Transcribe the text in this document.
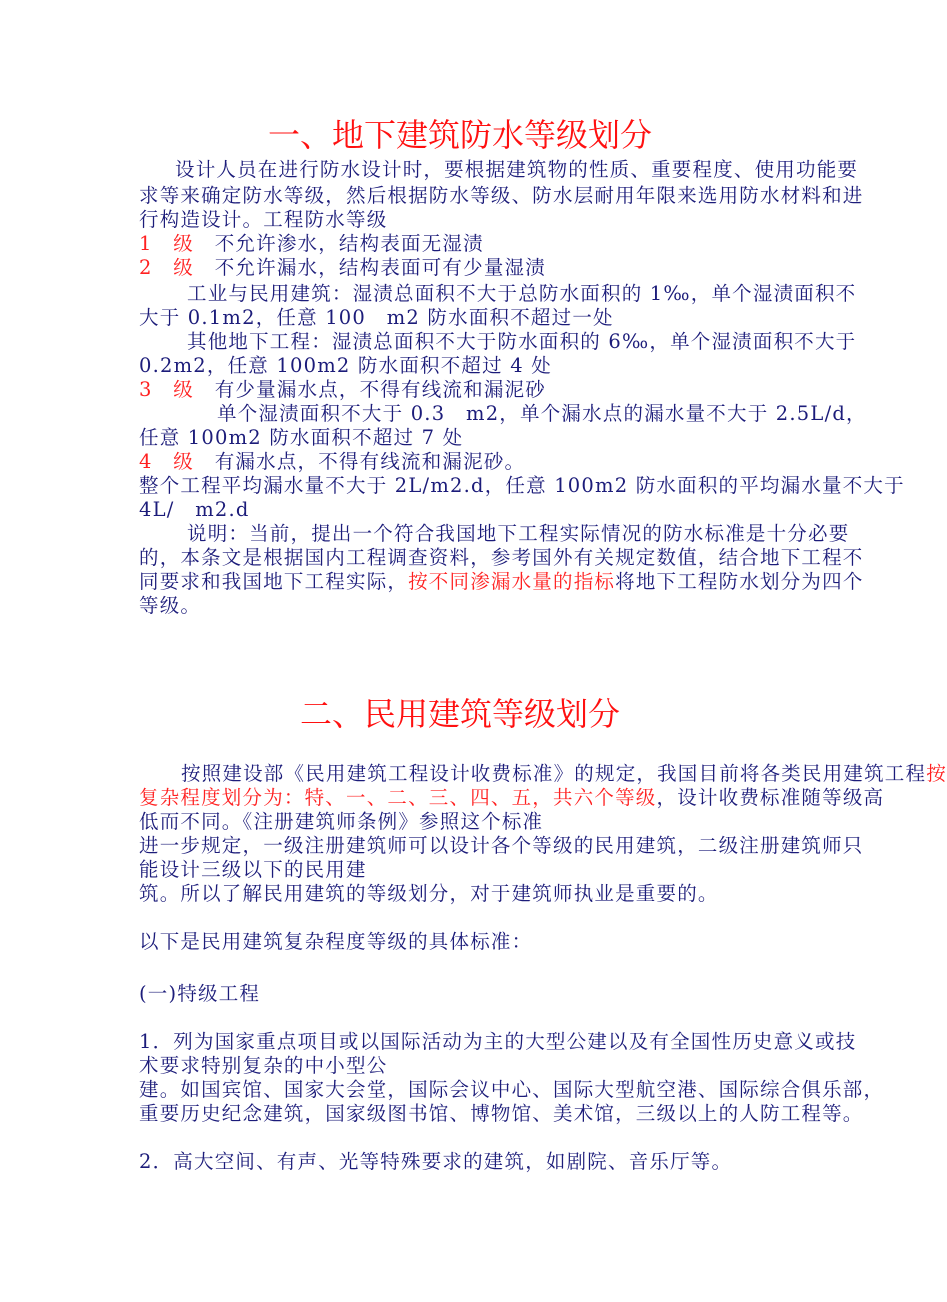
一、地下建筑防水等级划分
设计人员在进行防水设计时，要根据建筑物的性质、重要程度、使用功能要
求等来确定防水等级，然后根据防水等级、防水层耐用年限来选用防水材料和进
行构造设计。工程防水等级
1　级　不允许渗水，结构表面无湿渍
2　级　不允许漏水，结构表面可有少量湿渍
工业与民用建筑：湿渍总面积不大于总防水面积的 1‰，单个湿渍面积不
大于 0.1m2，任意 100　m2 防水面积不超过一处
其他地下工程：湿渍总面积不大于防水面积的 6‰，单个湿渍面积不大于
0.2m2，任意 100m2 防水面积不超过 4 处
3　级　有少量漏水点，不得有线流和漏泥砂
单个湿渍面积不大于 0.3　m2，单个漏水点的漏水量不大于 2.5L/d，
任意 100m2 防水面积不超过 7 处
4　级　有漏水点，不得有线流和漏泥砂。
整个工程平均漏水量不大于 2L/m2.d，任意 100m2 防水面积的平均漏水量不大于
4L/　m2.d
说明：当前，提出一个符合我国地下工程实际情况的防水标准是十分必要
的，本条文是根据国内工程调查资料，参考国外有关规定数值，结合地下工程不
同要求和我国地下工程实际，按不同渗漏水量的指标将地下工程防水划分为四个
等级。
二、民用建筑等级划分
按照建设部《民用建筑工程设计收费标准》的规定，我国目前将各类民用建筑工程按
复杂程度划分为：特、一、二、三、四、五，共六个等级，设计收费标准随等级高
低而不同。《注册建筑师条例》参照这个标准
进一步规定，一级注册建筑师可以设计各个等级的民用建筑，二级注册建筑师只
能设计三级以下的民用建
筑。所以了解民用建筑的等级划分，对于建筑师执业是重要的。
以下是民用建筑复杂程度等级的具体标准：
(一)特级工程
1．列为国家重点项目或以国际活动为主的大型公建以及有全国性历史意义或技
术要求特别复杂的中小型公
建。如国宾馆、国家大会堂，国际会议中心、国际大型航空港、国际综合俱乐部，
重要历史纪念建筑，国家级图书馆、博物馆、美术馆，三级以上的人防工程等。
2．高大空间、有声、光等特殊要求的建筑，如剧院、音乐厅等。
